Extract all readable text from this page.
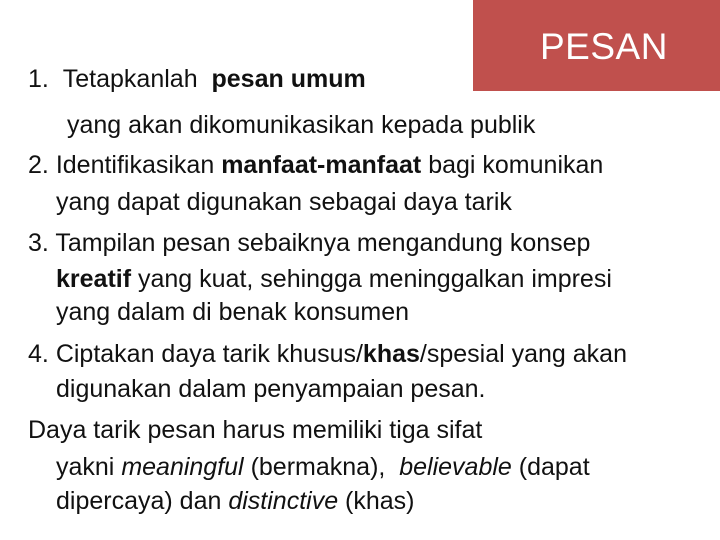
PESAN
1. Tetapkanlah  pesan umum
yang akan dikomunikasikan kepada publik
2. Identifikasikan manfaat-manfaat bagi komunikan
yang dapat digunakan sebagai daya tarik
3. Tampilan pesan sebaiknya mengandung konsep
kreatif yang kuat, sehingga meninggalkan impresi
yang dalam di benak konsumen
4. Ciptakan daya tarik khusus/khas/spesial yang akan
digunakan dalam penyampaian pesan.
Daya tarik pesan harus memiliki tiga sifat
yakni meaningful (bermakna),  believable (dapat
dipercaya) dan distinctive (khas)
